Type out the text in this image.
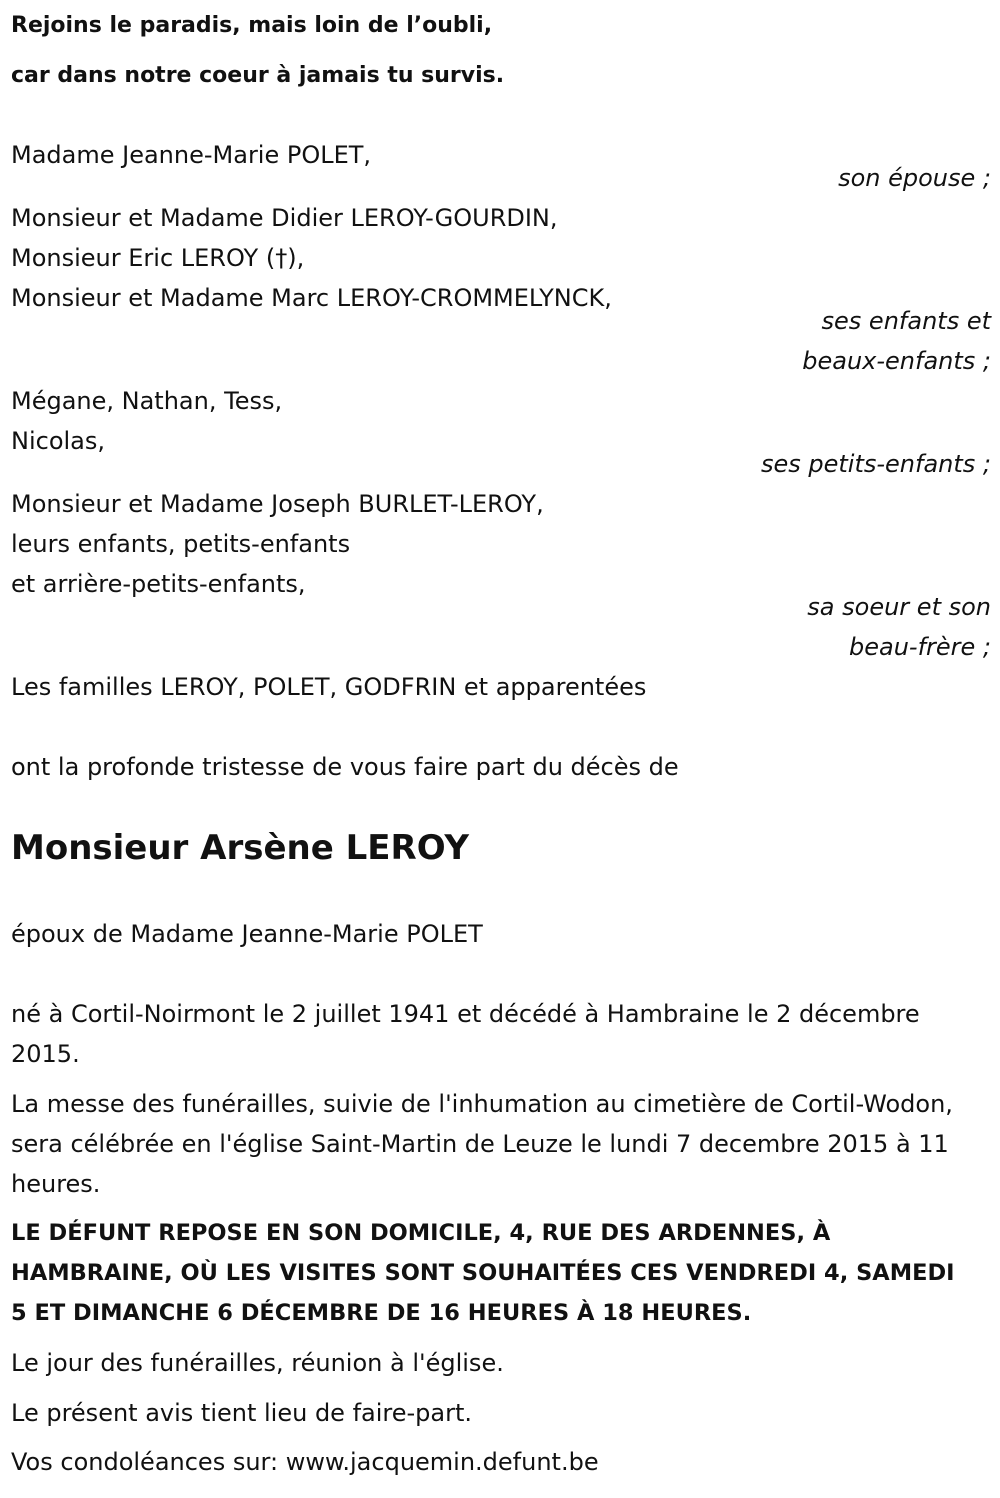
Rejoins le paradis, mais loin de l’oubli,
car dans notre coeur à jamais tu survis.
Madame Jeanne-Marie POLET,
son épouse ;
Monsieur et Madame Didier LEROY-GOURDIN,
Monsieur Eric LEROY (†),
Monsieur et Madame Marc LEROY-CROMMELYNCK,
ses enfants et
beaux-enfants ;
Mégane, Nathan, Tess,
Nicolas,
ses petits-enfants ;
Monsieur et Madame Joseph BURLET-LEROY,
leurs enfants, petits-enfants
et arrière-petits-enfants,
sa soeur et son
beau-frère ;
Les familles LEROY, POLET, GODFRIN et apparentées
ont la profonde tristesse de vous faire part du décès de
Monsieur Arsène LEROY
époux de Madame Jeanne-Marie POLET
né à Cortil-Noirmont le 2 juillet 1941 et décédé à Hambraine le 2 décembre 2015.
La messe des funérailles, suivie de l'inhumation au cimetière de Cortil-Wodon, sera célébrée en l'église Saint-Martin de Leuze le lundi 7 decembre 2015 à 11 heures.
LE DÉFUNT REPOSE EN SON DOMICILE, 4, RUE DES ARDENNES, À HAMBRAINE, OÙ LES VISITES SONT SOUHAITÉES CES VENDREDI 4, SAMEDI 5 ET DIMANCHE 6 DÉCEMBRE DE 16 HEURES À 18 HEURES.
Le jour des funérailles, réunion à l'église.
Le présent avis tient lieu de faire-part.
Vos condoléances sur: www.jacquemin.defunt.be
